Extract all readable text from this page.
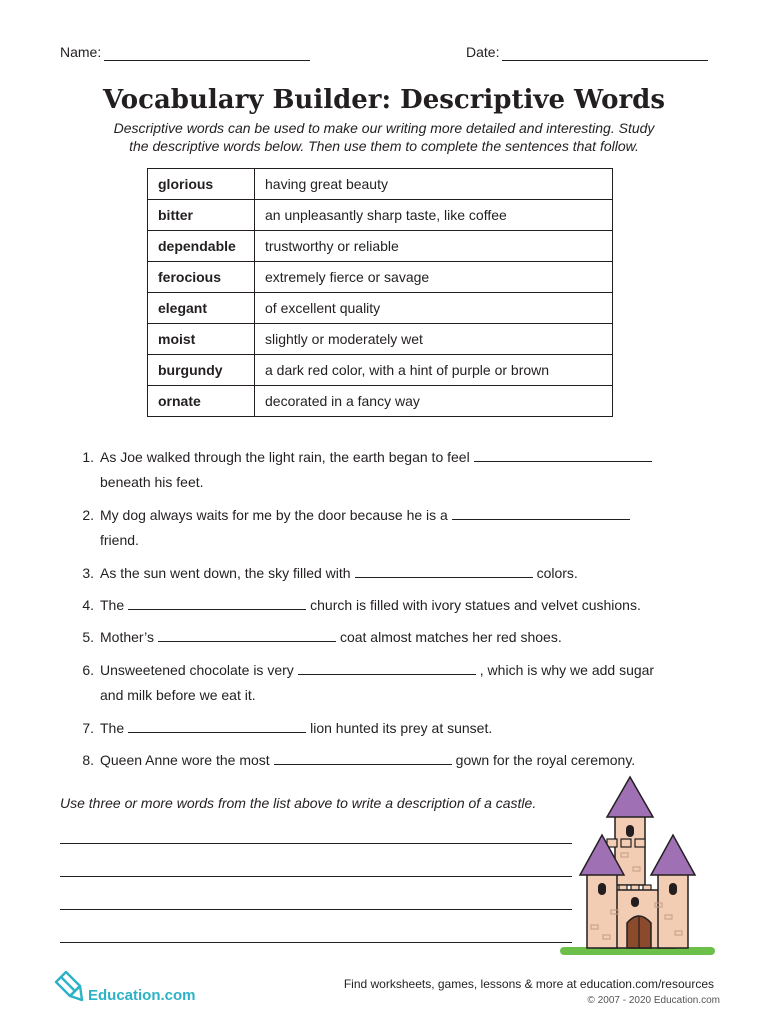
Name:	Date:
Vocabulary Builder: Descriptive Words
Descriptive words can be used to make our writing more detailed and interesting. Study
the descriptive words below. Then use them to complete the sentences that follow.
glorious	having great beauty
bitter	an unpleasantly sharp taste, like coffee
dependable	trustworthy or reliable
ferocious	extremely fierce or savage
elegant	of excellent quality
moist	slightly or moderately wet
burgundy	a dark red color, with a hint of purple or brown
ornate	decorated in a fancy way
1. As Joe walked through the light rain, the earth began to feel
beneath his feet.
2. My dog always waits for me by the door because he is a
friend.
3. As the sun went down, the sky filled with	colors.
4. The	church is filled with ivory statues and velvet cushions.
5. Mother’s	coat almost matches her red shoes.
6. Unsweetened chocolate is very	, which is why we add sugar
and milk before we eat it.
7. The	lion hunted its prey at sunset.
8. Queen Anne wore the most	gown for the royal ceremony.
Use three or more words from the list above to write a description of a castle.
Education.com
Find worksheets, games, lessons & more at education.com/resources
© 2007 - 2020 Education.com
